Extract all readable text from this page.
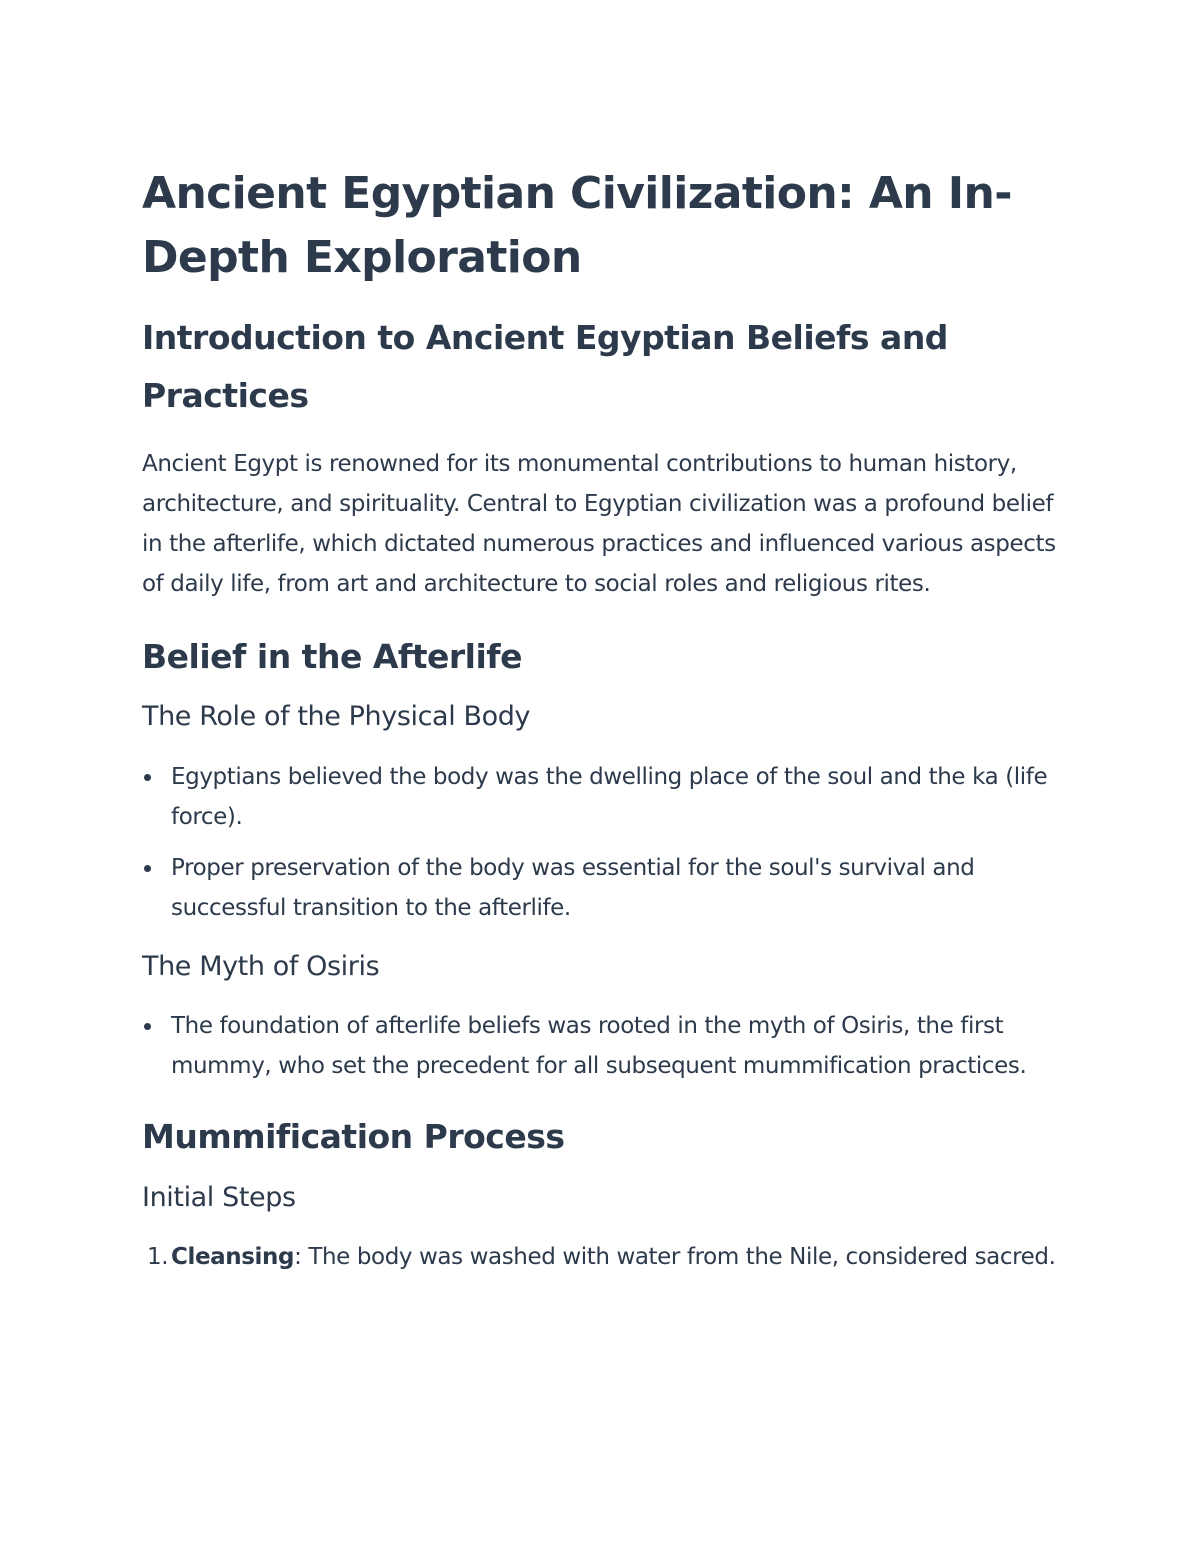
Ancient Egyptian Civilization: An In-Depth Exploration
Introduction to Ancient Egyptian Beliefs and Practices

Ancient Egypt is renowned for its monumental contributions to human history, architecture, and spirituality. Central to Egyptian civilization was a profound belief in the afterlife, which dictated numerous practices and influenced various aspects of daily life, from art and architecture to social roles and religious rites.

Belief in the Afterlife
The Role of the Physical Body
Egyptians believed the body was the dwelling place of the soul and the ka (life force).
Proper preservation of the body was essential for the soul's survival and successful transition to the afterlife.
The Myth of Osiris
The foundation of afterlife beliefs was rooted in the myth of Osiris, the first mummy, who set the precedent for all subsequent mummification practices.
Mummification Process
Initial Steps
1. Cleansing: The body was washed with water from the Nile, considered sacred.
